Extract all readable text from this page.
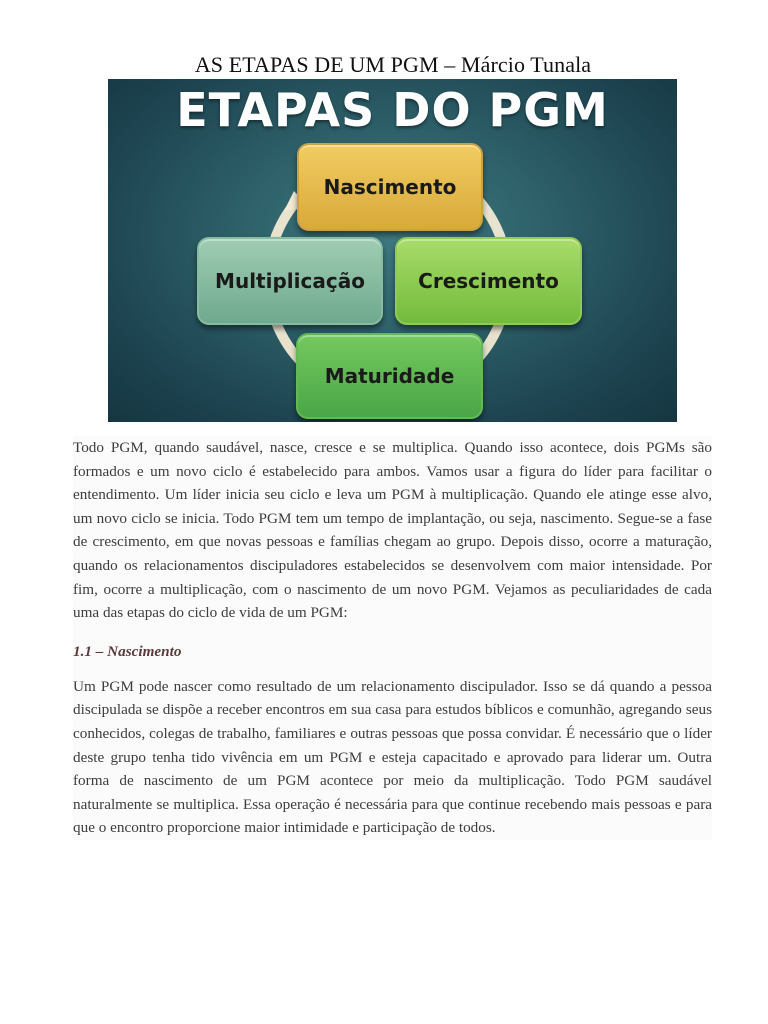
AS ETAPAS DE UM PGM – Márcio Tunala
ETAPAS DO PGM
Nascimento
Crescimento
Maturidade
Multiplicação

Todo PGM, quando saudável, nasce, cresce e se multiplica. Quando isso acontece, dois PGMs são formados e um novo ciclo é estabelecido para ambos. Vamos usar a figura do líder para facilitar o entendimento. Um líder inicia seu ciclo e leva um PGM à multiplicação. Quando ele atinge esse alvo, um novo ciclo se inicia. Todo PGM tem um tempo de implantação, ou seja, nascimento. Segue-se a fase de crescimento, em que novas pessoas e famílias chegam ao grupo. Depois disso, ocorre a maturação, quando os relacionamentos discipuladores estabelecidos se desenvolvem com maior intensidade. Por fim, ocorre a multiplicação, com o nascimento de um novo PGM. Vejamos as peculiaridades de cada uma das etapas do ciclo de vida de um PGM:

1.1 – Nascimento

Um PGM pode nascer como resultado de um relacionamento discipulador. Isso se dá quando a pessoa discipulada se dispõe a receber encontros em sua casa para estudos bíblicos e comunhão, agregando seus conhecidos, colegas de trabalho, familiares e outras pessoas que possa convidar. É necessário que o líder deste grupo tenha tido vivência em um PGM e esteja capacitado e aprovado para liderar um. Outra forma de nascimento de um PGM acontece por meio da multiplicação. Todo PGM saudável naturalmente se multiplica. Essa operação é necessária para que continue recebendo mais pessoas e para que o encontro proporcione maior intimidade e participação de todos.
